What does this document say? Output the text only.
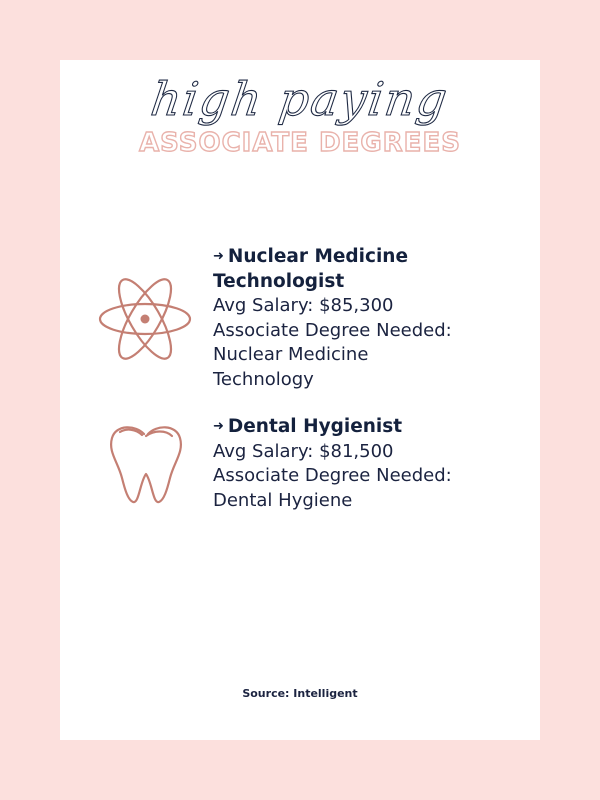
high paying
ASSOCIATE DEGREES
➜ Nuclear Medicine
Technologist
Avg Salary: $85,300
Associate Degree Needed:
Nuclear Medicine
Technology
➜ Dental Hygienist
Avg Salary: $81,500
Associate Degree Needed:
Dental Hygiene
Source: Intelligent
